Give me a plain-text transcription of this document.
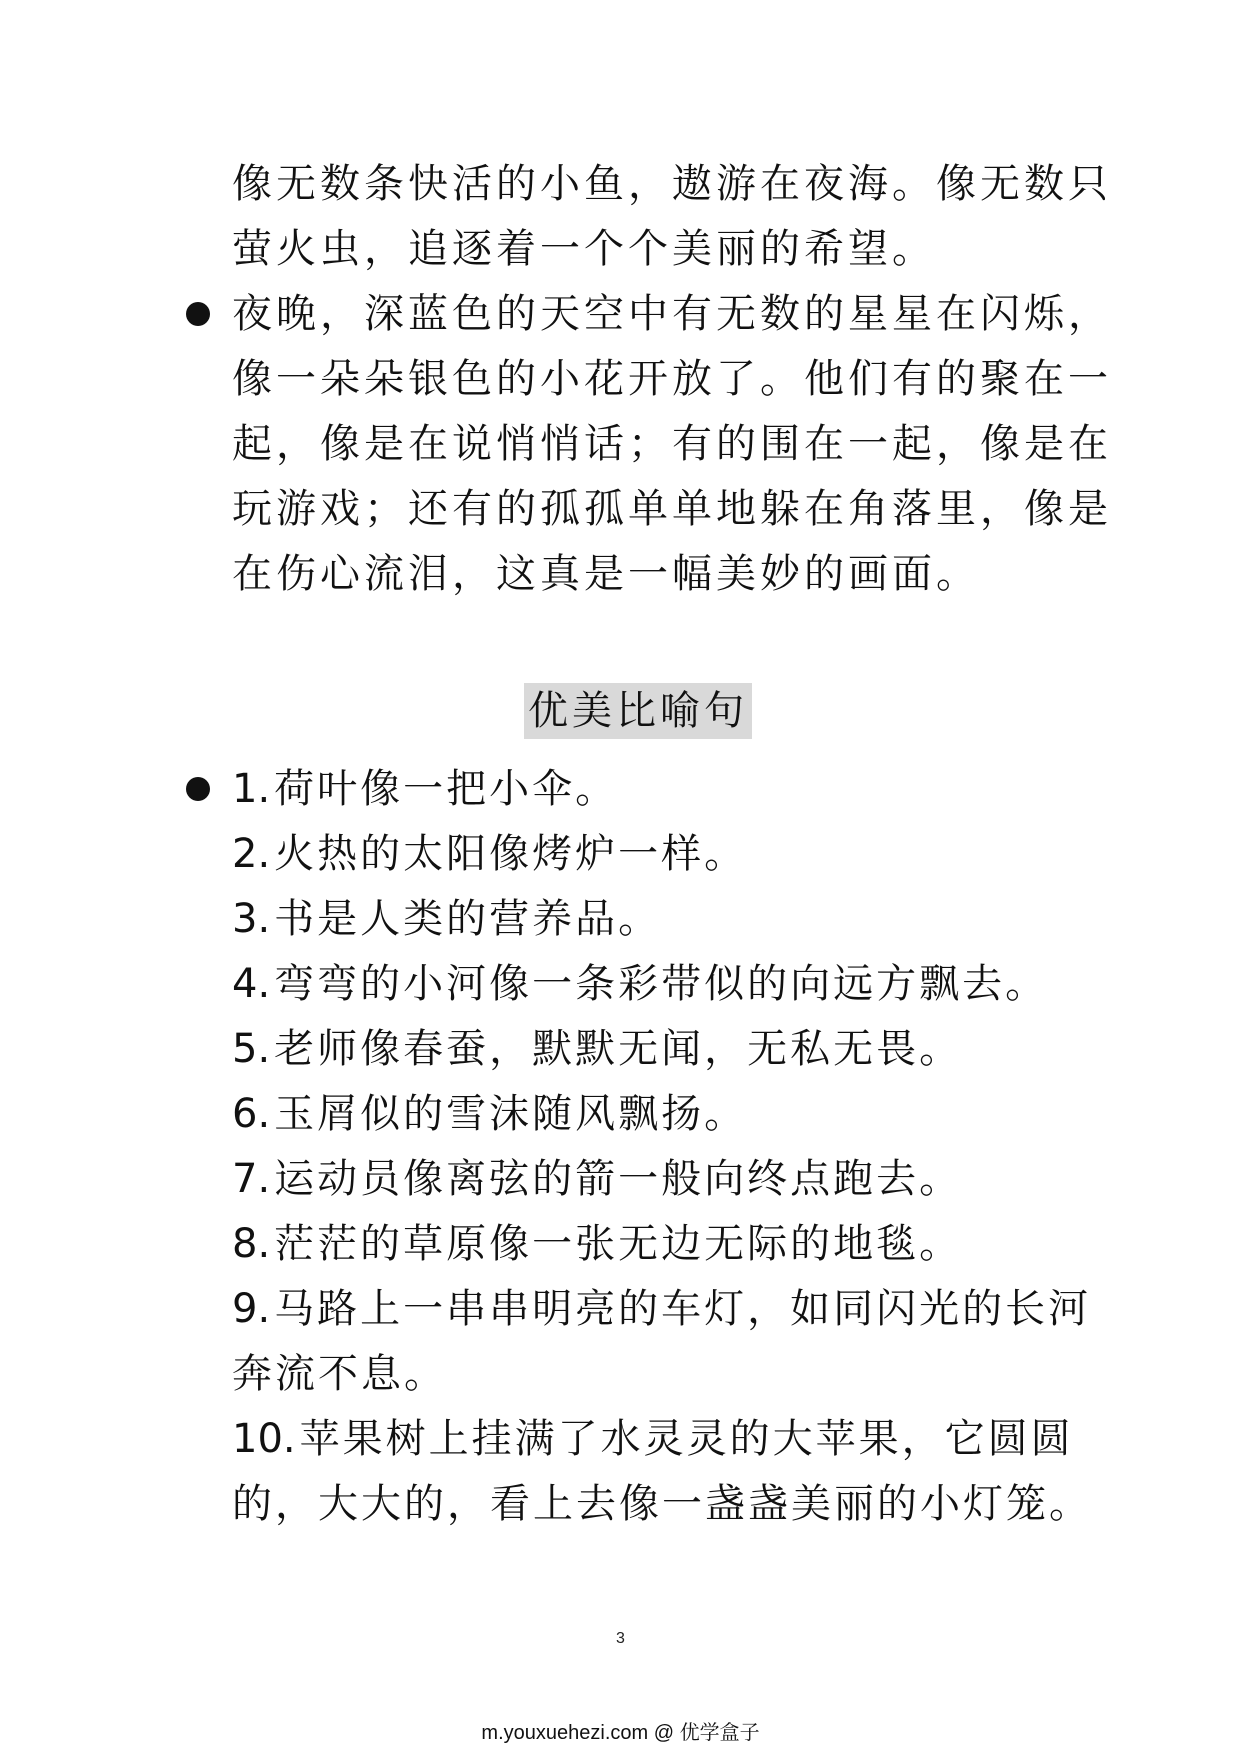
像无数条快活的小鱼，遨游在夜海。像无数只
萤火虫，追逐着一个个美丽的希望。
夜晚，深蓝色的天空中有无数的星星在闪烁，
像一朵朵银色的小花开放了。他们有的聚在一
起，像是在说悄悄话；有的围在一起，像是在
玩游戏；还有的孤孤单单地躲在角落里，像是
在伤心流泪，这真是一幅美妙的画面。
优美比喻句
1. 荷叶像一把小伞。
2. 火热的太阳像烤炉一样。
3. 书是人类的营养品。
4. 弯弯的小河像一条彩带似的向远方飘去。
5. 老师像春蚕，默默无闻，无私无畏。
6. 玉屑似的雪沫随风飘扬。
7. 运动员像离弦的箭一般向终点跑去。
8. 茫茫的草原像一张无边无际的地毯。
9. 马路上一串串明亮的车灯，如同闪光的长河
奔流不息。
10. 苹果树上挂满了水灵灵的大苹果，它圆圆
的，大大的，看上去像一盏盏美丽的小灯笼。
3
m.youxuehezi.com @ 优学盒子
